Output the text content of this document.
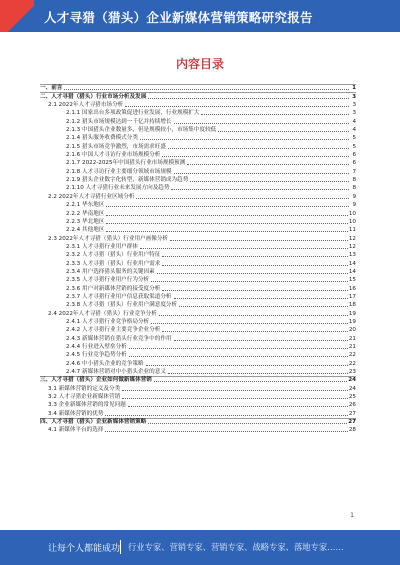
人才寻猎（猎头）企业新媒体营销策略研究报告
内容目录
一、前言	1
二、人才寻猎（猎头）行业市场分析及发展	3
2.1 2022年人才寻猎市场分析	3
2.1.1 国家出台多项政策促进行业发展，行业规模扩大	3
2.1.2 猎头市场规模达到一千亿并持续增长	4
2.1.3 中国猎头企业数量多，但是规模较小，市场集中度较低	4
2.1.4 猎头服务收费模式分类	5
2.1.5 猎头市场竞争激烈，市场需求旺盛	5
2.1.6 中国人才寻访行业市场规模分析	6
2.1.7 2022-2025年中国猎头行业市场规模预测	6
2.1.8 人才寻访行业主要细分领域市场规模	7
2.1.9 猎头企业数字化转型，新媒体营销成为趋势	8
2.1.10 人才寻猎行业未来发展方向及趋势	8
2.2 2022年人才寻猎行业区域分析	9
2.2.1 华东地区	9
2.2.2 华南地区	10
2.2.3 华北地区	10
2.2.4 其他地区	11
2.3 2022年人才寻猎（猎头）行业用户画像分析	12
2.3.1 人才寻猎行业用户群体	12
2.3.2 人才寻猎（猎头）行业用户特征	13
2.3.3 人才寻猎（猎头）行业用户需求	14
2.3.4 用户选择猎头服务的关键因素	14
2.3.5 人才寻猎行业用户行为分析	15
2.3.6 用户对新媒体营销的接受度分析	16
2.3.7 人才寻猎行业用户信息获取渠道分析	17
2.3.8 人才寻猎（猎头）行业用户满意度分析	18
2.4 2022年人才寻猎（猎头）行业竞争分析	19
2.4.1 人才寻猎行业竞争格局分析	19
2.4.2 人才寻猎行业主要竞争企业分析	20
2.4.3 新媒体营销在猎头行业竞争中的作用	21
2.4.4 行业进入壁垒分析	21
2.4.5 行业竞争趋势分析	22
2.4.6 中小猎头企业的竞争策略	22
2.4.7 新媒体营销对中小猎头企业的意义	23
三、人才寻猎（猎头）企业如何做新媒体营销	24
3.1 新媒体营销的定义及分类	24
3.2 人才寻猎企业新媒体营销	25
3.3 企业新媒体营销的常见问题	26
3.4 新媒体营销的优势	27
四、人才寻猎（猎头）企业新媒体营销策略	27
4.1 新媒体平台的选择	28
1
让每个人都能成功 行业专家、营销专家、营销专家、战略专家、落地专家……
